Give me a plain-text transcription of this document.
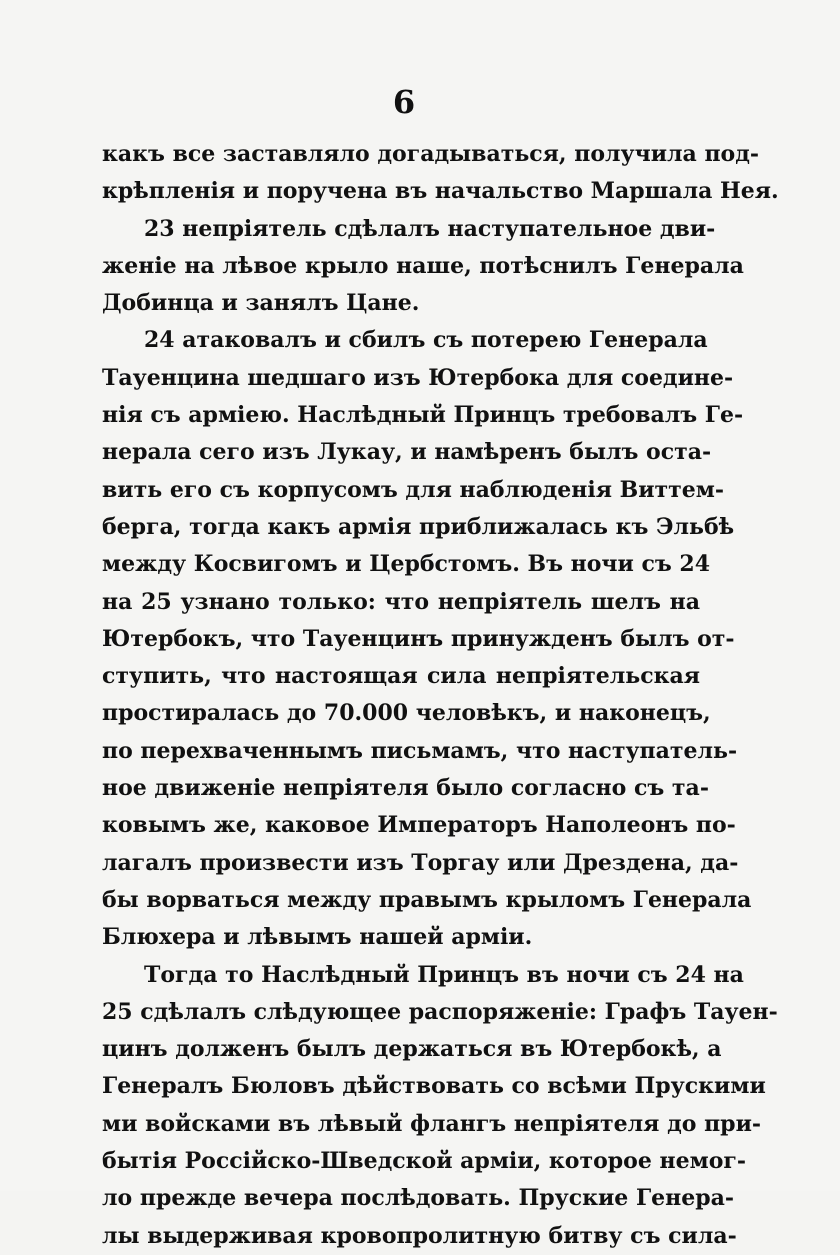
6
какъ все заставляло догадываться, получила под-
крѣпленія и поручена въ начальство Маршала Нея.
23 непріятель сдѣлалъ наступательное дви-
женіе на лѣвое крыло наше, потѣснилъ Генерала
Добинца и занялъ Цане.
24 атаковалъ и сбилъ съ потерею Генерала
Тауенцина шедшаго изъ Ютербока для соедине-
нія съ арміею. Наслѣдный Принцъ требовалъ Ге-
нерала сего изъ Лукау, и намѣренъ былъ оста-
вить его съ корпусомъ для наблюденія Виттем-
берга, тогда какъ армія приближалась къ Эльбѣ
между Косвигомъ и Цербстомъ. Въ ночи съ 24
на 25 узнано только: что непріятель шелъ на
Ютербокъ, что Тауенцинъ принужденъ былъ от-
ступить, что настоящая сила непріятельская
простиралась до 70.000 человѣкъ, и наконецъ,
по перехваченнымъ письмамъ, что наступатель-
ное движеніе непріятеля было согласно съ та-
ковымъ же, каковое Императоръ Наполеонъ по-
лагалъ произвести изъ Торгау или Дрездена, да-
бы ворваться между правымъ крыломъ Генерала
Блюхера и лѣвымъ нашей арміи.
Тогда то Наслѣдный Принцъ въ ночи съ 24 на
25 сдѣлалъ слѣдующее распоряженіе: Графъ Тауен-
цинъ долженъ былъ держаться въ Ютербокѣ, а
Генералъ Бюловъ дѣйствовать со всѣми Прускими
ми войсками въ лѣвый флангъ непріятеля до при-
бытія Россійско-Шведской арміи, которое немог-
ло прежде вечера послѣдовать. Пруские Генера-
лы выдерживая кровопролитную битву съ сила-
